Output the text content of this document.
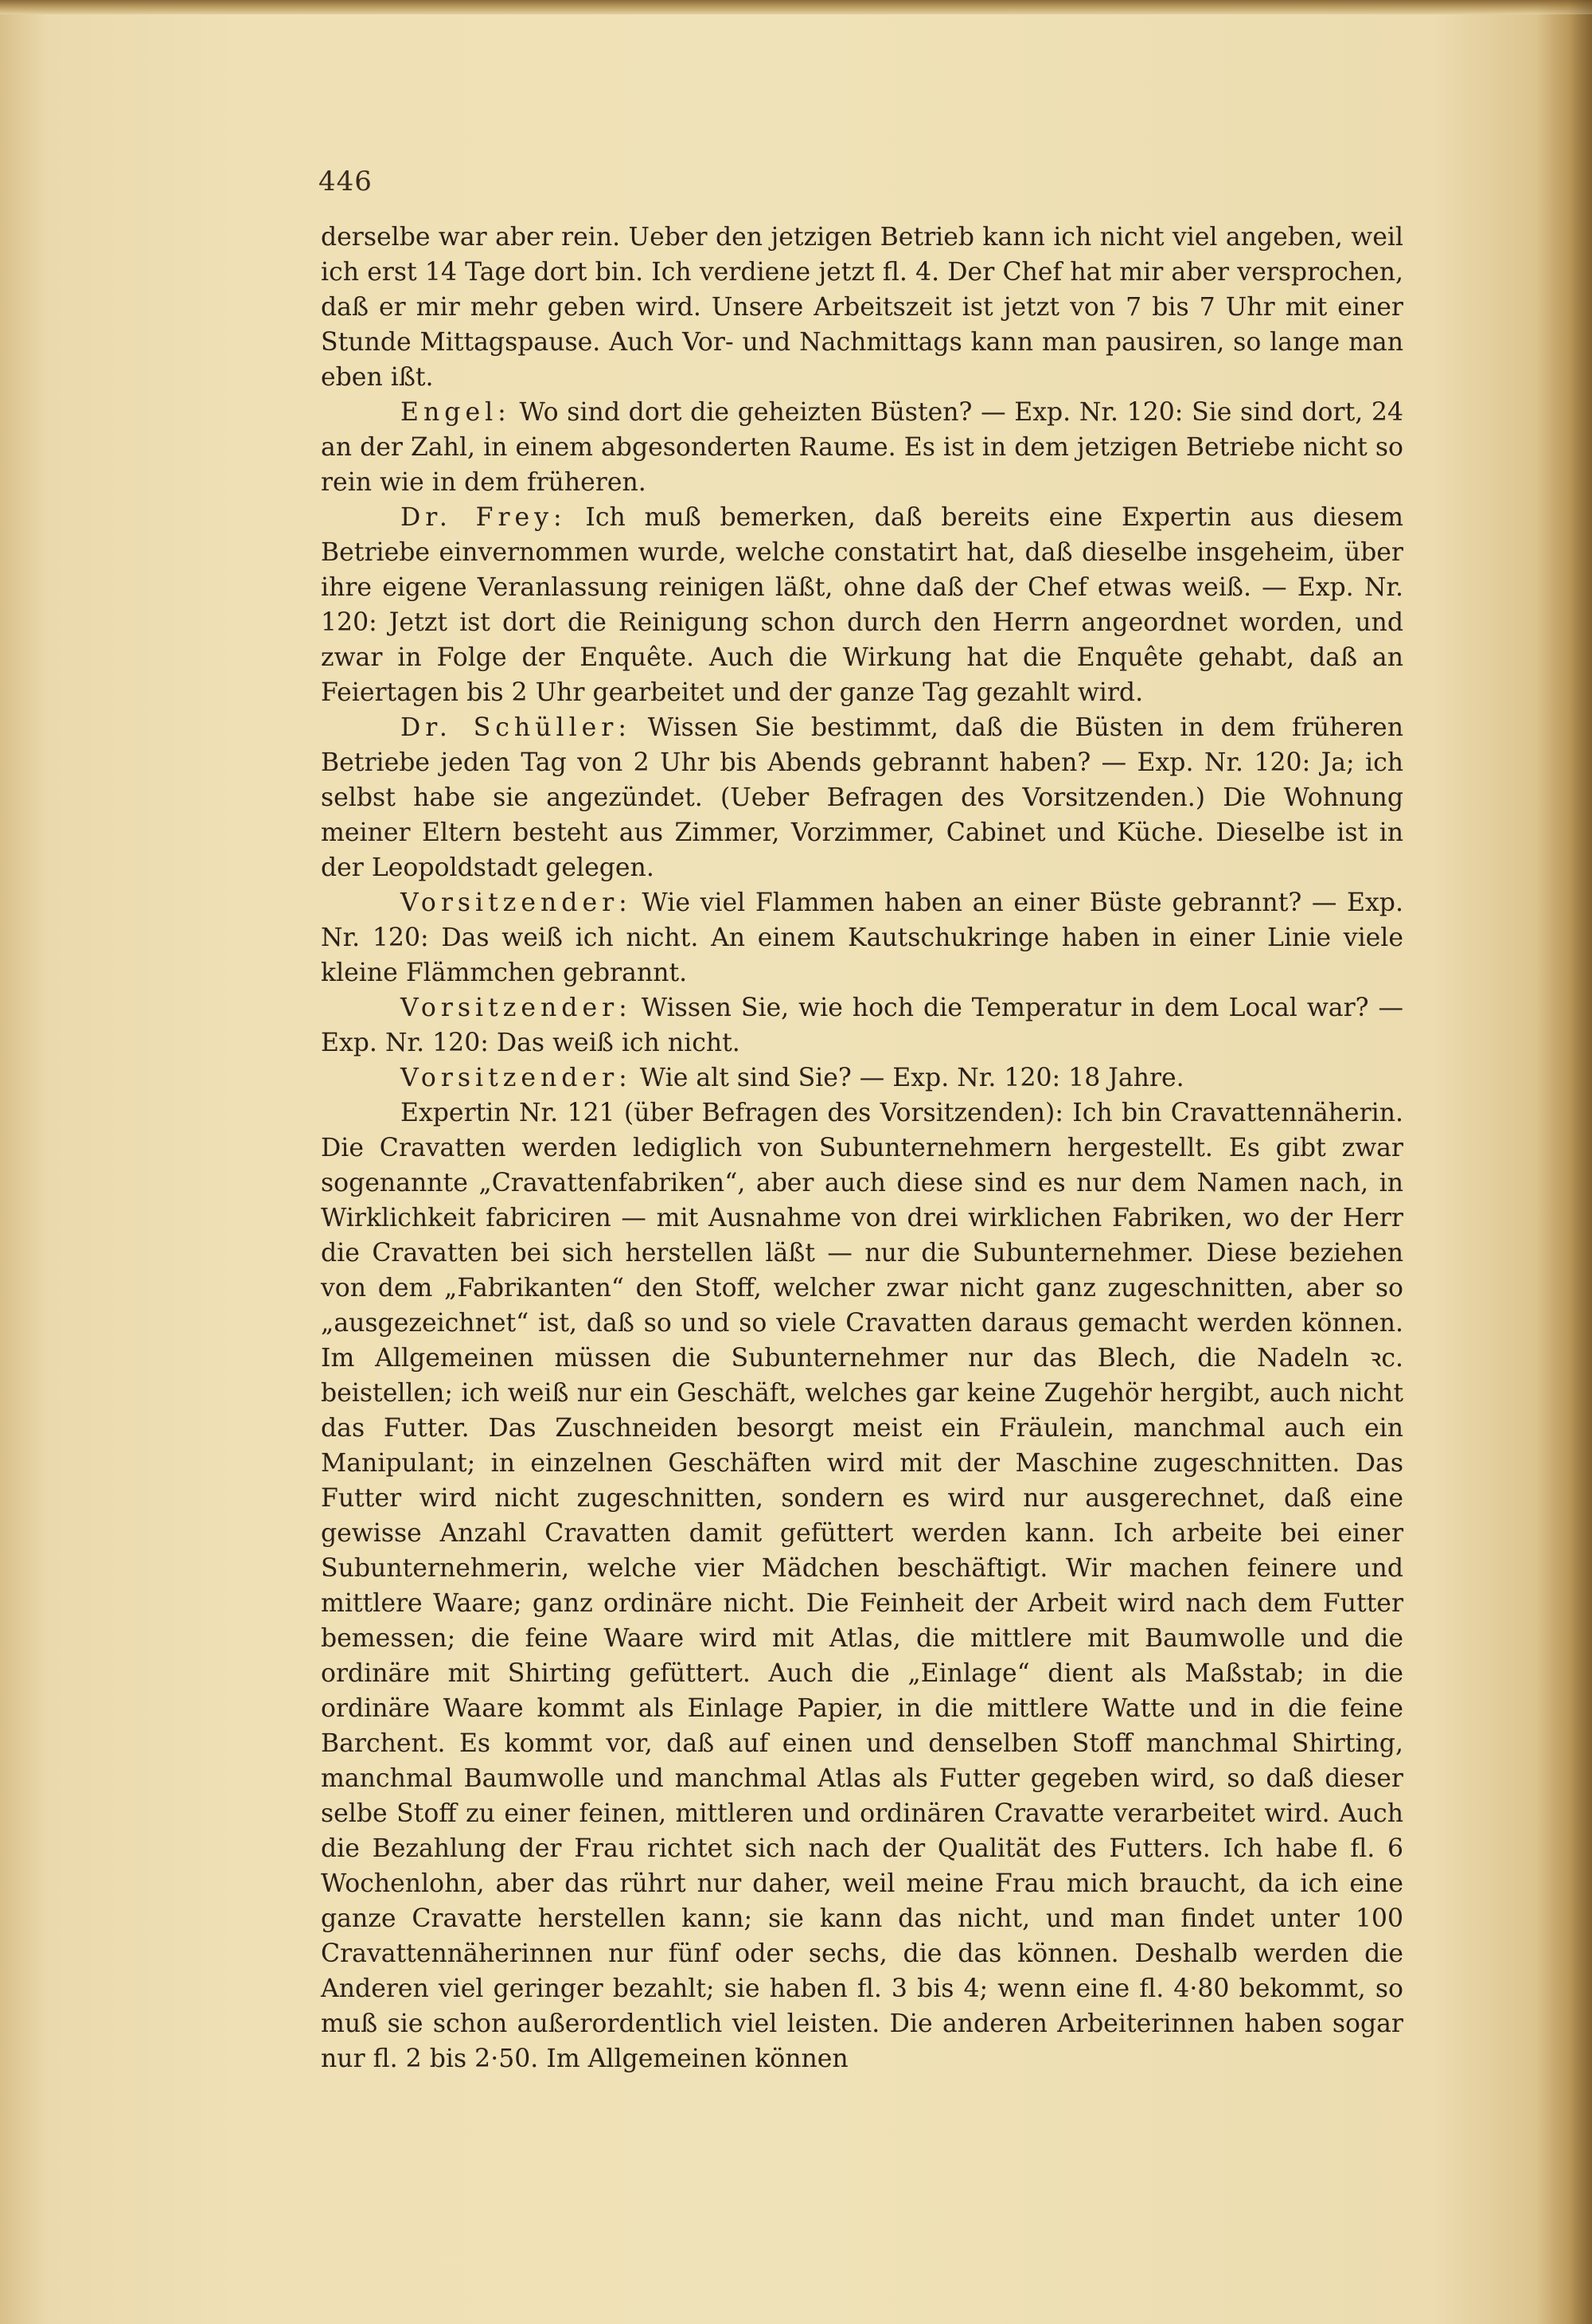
446

derselbe war aber rein. Ueber den jetzigen Betrieb kann ich nicht viel angeben, weil ich erst 14 Tage dort bin. Ich verdiene jetzt fl. 4. Der Chef hat mir aber versprochen, daß er mir mehr geben wird. Unsere Arbeitszeit ist jetzt von 7 bis 7 Uhr mit einer Stunde Mittagspause. Auch Vor- und Nachmittags kann man pausiren, so lange man eben ißt.

Engel: Wo sind dort die geheizten Büsten? — Exp. Nr. 120: Sie sind dort, 24 an der Zahl, in einem abgesonderten Raume. Es ist in dem jetzigen Betriebe nicht so rein wie in dem früheren.

Dr. Frey: Ich muß bemerken, daß bereits eine Expertin aus diesem Betriebe einvernommen wurde, welche constatirt hat, daß dieselbe insgeheim, über ihre eigene Veranlassung reinigen läßt, ohne daß der Chef etwas weiß. — Exp. Nr. 120: Jetzt ist dort die Reinigung schon durch den Herrn angeordnet worden, und zwar in Folge der Enquête. Auch die Wirkung hat die Enquête gehabt, daß an Feiertagen bis 2 Uhr gearbeitet und der ganze Tag gezahlt wird.

Dr. Schüller: Wissen Sie bestimmt, daß die Büsten in dem früheren Betriebe jeden Tag von 2 Uhr bis Abends gebrannt haben? — Exp. Nr. 120: Ja; ich selbst habe sie angezündet. (Ueber Befragen des Vorsitzenden.) Die Wohnung meiner Eltern besteht aus Zimmer, Vorzimmer, Cabinet und Küche. Dieselbe ist in der Leopoldstadt gelegen.

Vorsitzender: Wie viel Flammen haben an einer Büste gebrannt? — Exp. Nr. 120: Das weiß ich nicht. An einem Kautschukringe haben in einer Linie viele kleine Flämmchen gebrannt.

Vorsitzender: Wissen Sie, wie hoch die Temperatur in dem Local war? — Exp. Nr. 120: Das weiß ich nicht.

Vorsitzender: Wie alt sind Sie? — Exp. Nr. 120: 18 Jahre.

Expertin Nr. 121 (über Befragen des Vorsitzenden): Ich bin Cravattennäherin. Die Cravatten werden lediglich von Subunternehmern hergestellt. Es gibt zwar sogenannte „Cravattenfabriken“, aber auch diese sind es nur dem Namen nach, in Wirklichkeit fabriciren — mit Ausnahme von drei wirklichen Fabriken, wo der Herr die Cravatten bei sich herstellen läßt — nur die Subunternehmer. Diese beziehen von dem „Fabrikanten“ den Stoff, welcher zwar nicht ganz zugeschnitten, aber so „ausgezeichnet“ ist, daß so und so viele Cravatten daraus gemacht werden können. Im Allgemeinen müssen die Subunternehmer nur das Blech, die Nadeln ꝛc. beistellen; ich weiß nur ein Geschäft, welches gar keine Zugehör hergibt, auch nicht das Futter. Das Zuschneiden besorgt meist ein Fräulein, manchmal auch ein Manipulant; in einzelnen Geschäften wird mit der Maschine zugeschnitten. Das Futter wird nicht zugeschnitten, sondern es wird nur ausgerechnet, daß eine gewisse Anzahl Cravatten damit gefüttert werden kann. Ich arbeite bei einer Subunternehmerin, welche vier Mädchen beschäftigt. Wir machen feinere und mittlere Waare; ganz ordinäre nicht. Die Feinheit der Arbeit wird nach dem Futter bemessen; die feine Waare wird mit Atlas, die mittlere mit Baumwolle und die ordinäre mit Shirting gefüttert. Auch die „Einlage“ dient als Maßstab; in die ordinäre Waare kommt als Einlage Papier, in die mittlere Watte und in die feine Barchent. Es kommt vor, daß auf einen und denselben Stoff manchmal Shirting, manchmal Baumwolle und manchmal Atlas als Futter gegeben wird, so daß dieser selbe Stoff zu einer feinen, mittleren und ordinären Cravatte verarbeitet wird. Auch die Bezahlung der Frau richtet sich nach der Qualität des Futters. Ich habe fl. 6 Wochenlohn, aber das rührt nur daher, weil meine Frau mich braucht, da ich eine ganze Cravatte herstellen kann; sie kann das nicht, und man findet unter 100 Cravattennäherinnen nur fünf oder sechs, die das können. Deshalb werden die Anderen viel geringer bezahlt; sie haben fl. 3 bis 4; wenn eine fl. 4·80 bekommt, so muß sie schon außerordentlich viel leisten. Die anderen Arbeiterinnen haben sogar nur fl. 2 bis 2·50. Im Allgemeinen können
